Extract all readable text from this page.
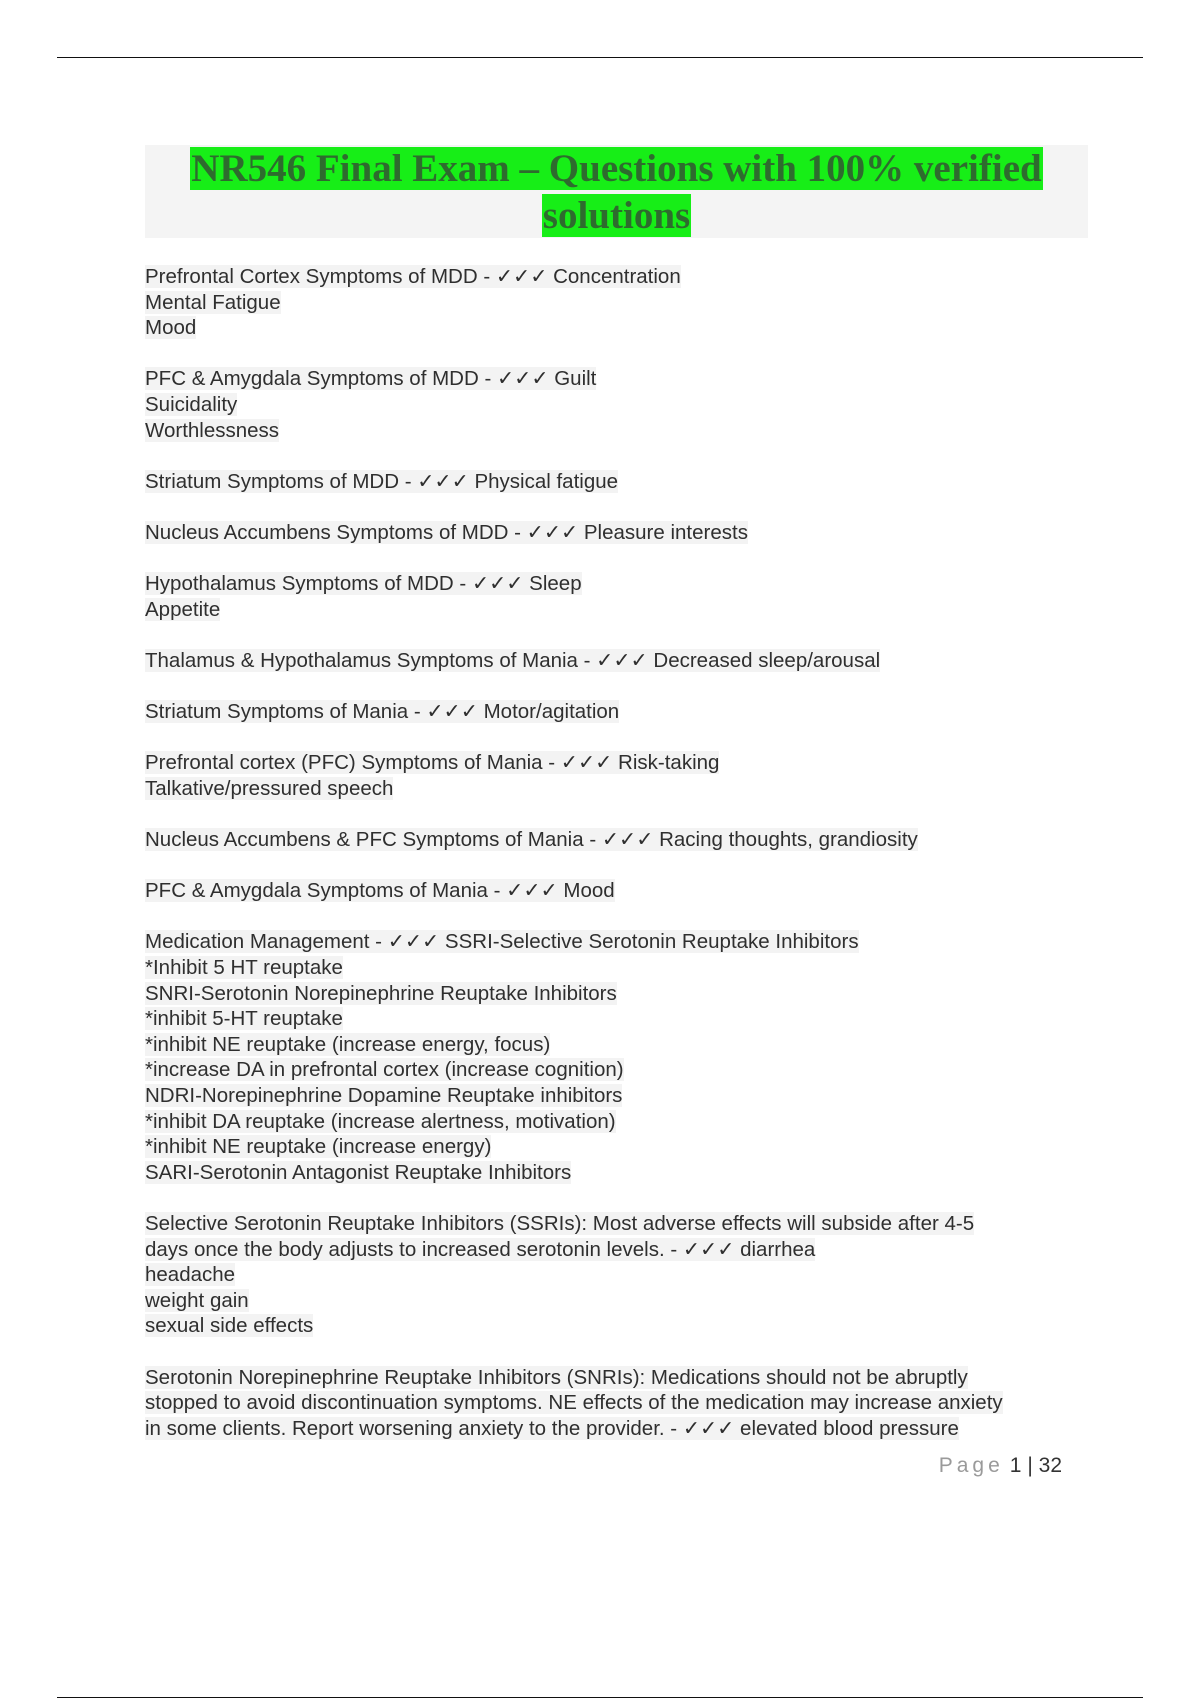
NR546 Final Exam – Questions with 100% verified
solutions
Prefrontal Cortex Symptoms of MDD - ✓✓✓ Concentration
Mental Fatigue
Mood
PFC & Amygdala Symptoms of MDD - ✓✓✓ Guilt
Suicidality
Worthlessness
Striatum Symptoms of MDD - ✓✓✓ Physical fatigue
Nucleus Accumbens Symptoms of MDD - ✓✓✓ Pleasure interests
Hypothalamus Symptoms of MDD - ✓✓✓ Sleep
Appetite
Thalamus & Hypothalamus Symptoms of Mania - ✓✓✓ Decreased sleep/arousal
Striatum Symptoms of Mania - ✓✓✓ Motor/agitation
Prefrontal cortex (PFC) Symptoms of Mania - ✓✓✓ Risk-taking
Talkative/pressured speech
Nucleus Accumbens & PFC Symptoms of Mania - ✓✓✓ Racing thoughts, grandiosity
PFC & Amygdala Symptoms of Mania - ✓✓✓ Mood
Medication Management - ✓✓✓ SSRI-Selective Serotonin Reuptake Inhibitors
*Inhibit 5 HT reuptake
SNRI-Serotonin Norepinephrine Reuptake Inhibitors
*inhibit 5-HT reuptake
*inhibit NE reuptake (increase energy, focus)
*increase DA in prefrontal cortex (increase cognition)
NDRI-Norepinephrine Dopamine Reuptake inhibitors
*inhibit DA reuptake (increase alertness, motivation)
*inhibit NE reuptake (increase energy)
SARI-Serotonin Antagonist Reuptake Inhibitors
Selective Serotonin Reuptake Inhibitors (SSRIs): Most adverse effects will subside after 4-5
days once the body adjusts to increased serotonin levels. - ✓✓✓ diarrhea
headache
weight gain
sexual side effects
Serotonin Norepinephrine Reuptake Inhibitors (SNRIs): Medications should not be abruptly
stopped to avoid discontinuation symptoms. NE effects of the medication may increase anxiety
in some clients. Report worsening anxiety to the provider. - ✓✓✓ elevated blood pressure
Page 1 | 32
